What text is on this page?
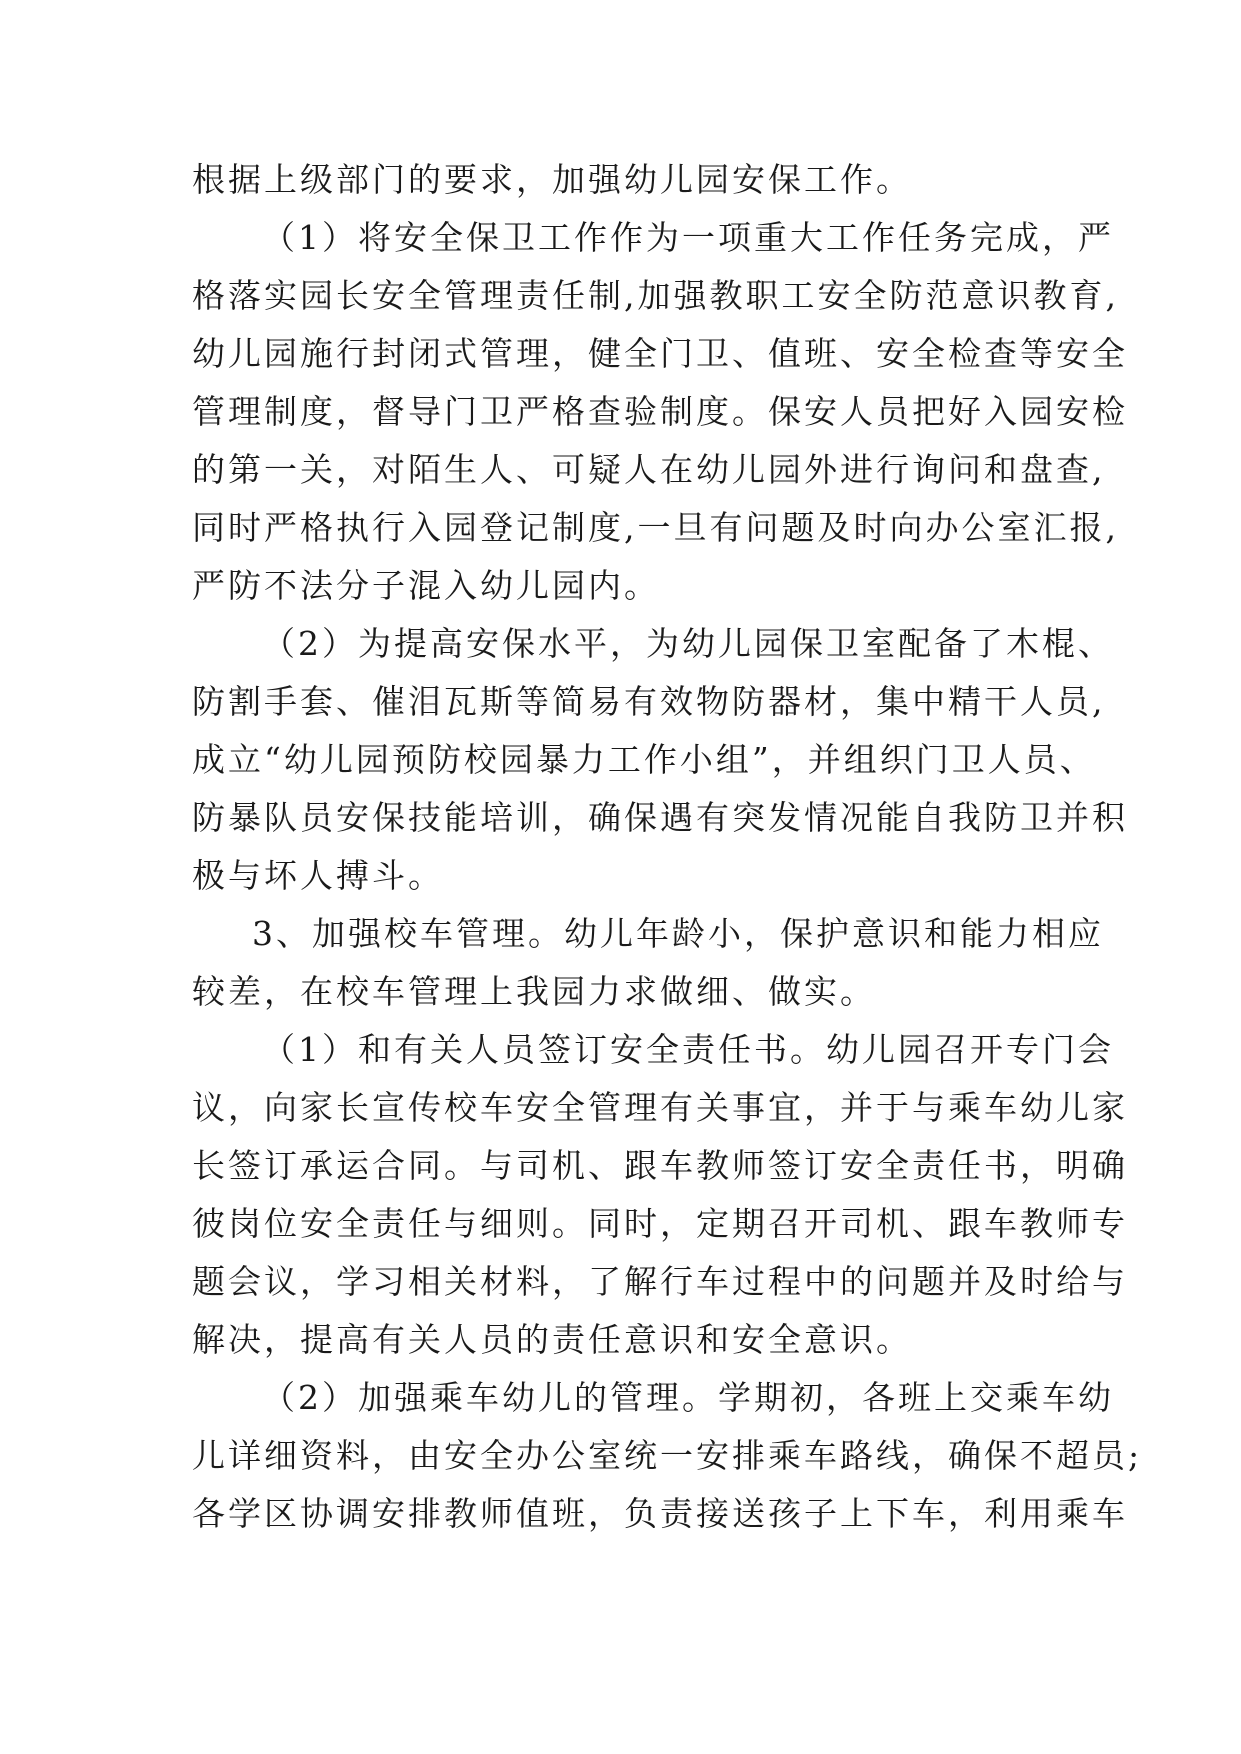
根据上级部门的要求，加强幼儿园安保工作。
（1）将安全保卫工作作为一项重大工作任务完成，严
格落实园长安全管理责任制,加强教职工安全防范意识教育,
幼儿园施行封闭式管理，健全门卫、值班、安全检查等安全
管理制度，督导门卫严格查验制度。保安人员把好入园安检
的第一关，对陌生人、可疑人在幼儿园外进行询问和盘查,
同时严格执行入园登记制度,一旦有问题及时向办公室汇报,
严防不法分子混入幼儿园内。
（2）为提高安保水平，为幼儿园保卫室配备了木棍、
防割手套、催泪瓦斯等简易有效物防器材，集中精干人员,
成立“幼儿园预防校园暴力工作小组”，并组织门卫人员、
防暴队员安保技能培训，确保遇有突发情况能自我防卫并积
极与坏人搏斗。
3、加强校车管理。幼儿年龄小，保护意识和能力相应
较差，在校车管理上我园力求做细、做实。
（1）和有关人员签订安全责任书。幼儿园召开专门会
议，向家长宣传校车安全管理有关事宜，并于与乘车幼儿家
长签订承运合同。与司机、跟车教师签订安全责任书，明确
彼岗位安全责任与细则。同时，定期召开司机、跟车教师专
题会议，学习相关材料，了解行车过程中的问题并及时给与
解决，提高有关人员的责任意识和安全意识。
（2）加强乘车幼儿的管理。学期初，各班上交乘车幼
儿详细资料，由安全办公室统一安排乘车路线，确保不超员;
各学区协调安排教师值班，负责接送孩子上下车，利用乘车
